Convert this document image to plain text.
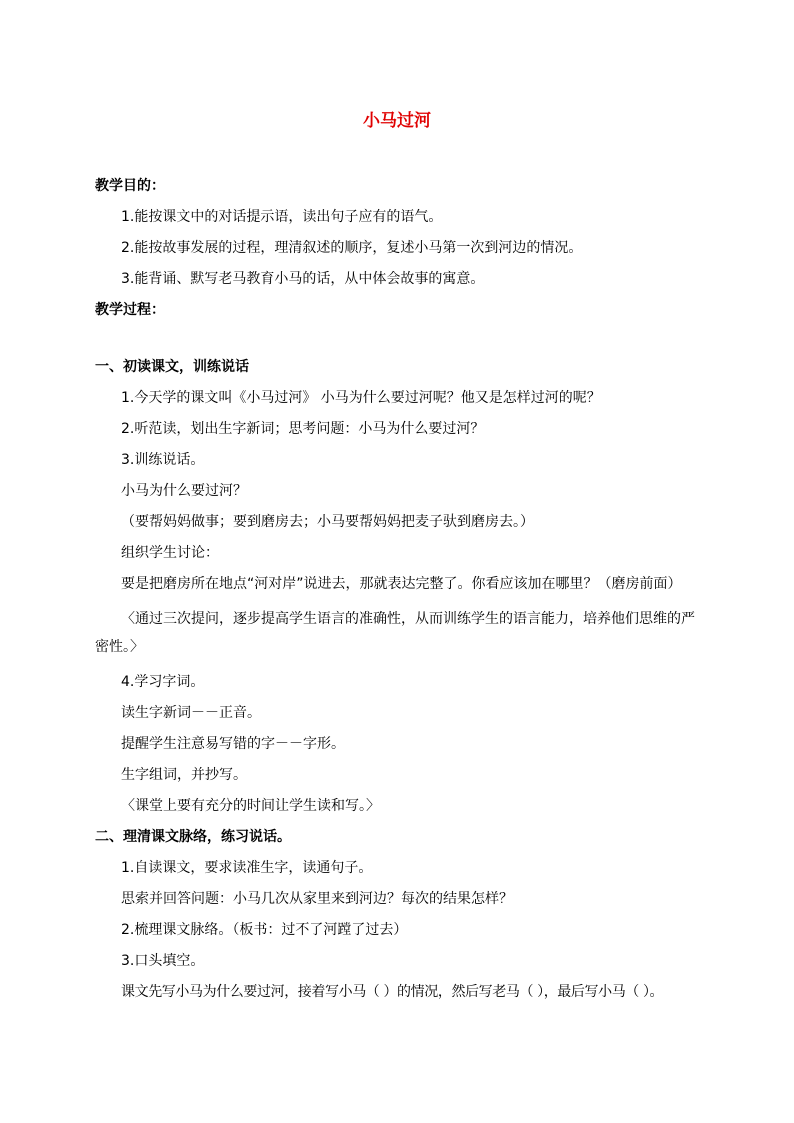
小马过河

教学目的：

1.能按课文中的对话提示语，读出句子应有的语气。

2.能按故事发展的过程，理清叙述的顺序，复述小马第一次到河边的情况。

3.能背诵、默写老马教育小马的话，从中体会故事的寓意。

教学过程：

一、初读课文，训练说话

1.今天学的课文叫《小马过河》 小马为什么要过河呢？他又是怎样过河的呢？

2.听范读，划出生字新词；思考问题：小马为什么要过河？

3.训练说话。

小马为什么要过河？

（要帮妈妈做事；要到磨房去；小马要帮妈妈把麦子驮到磨房去。）

组织学生讨论：

要是把磨房所在地点“河对岸”说进去，那就表达完整了。你看应该加在哪里？（磨房前面）

〈通过三次提问，逐步提高学生语言的准确性，从而训练学生的语言能力，培养他们思维的严密性。〉

4.学习字词。

读生字新词－－正音。

提醒学生注意易写错的字－－字形。

生字组词，并抄写。

〈课堂上要有充分的时间让学生读和写。〉

二、理清课文脉络，练习说话。

1.自读课文，要求读准生字，读通句子。

思索并回答问题：小马几次从家里来到河边？每次的结果怎样？

2.梳理课文脉络。（板书：过不了河蹚了过去）

3.口头填空。

课文先写小马为什么要过河，接着写小马（ ）的情况，然后写老马（ ），最后写小马（ ）。
